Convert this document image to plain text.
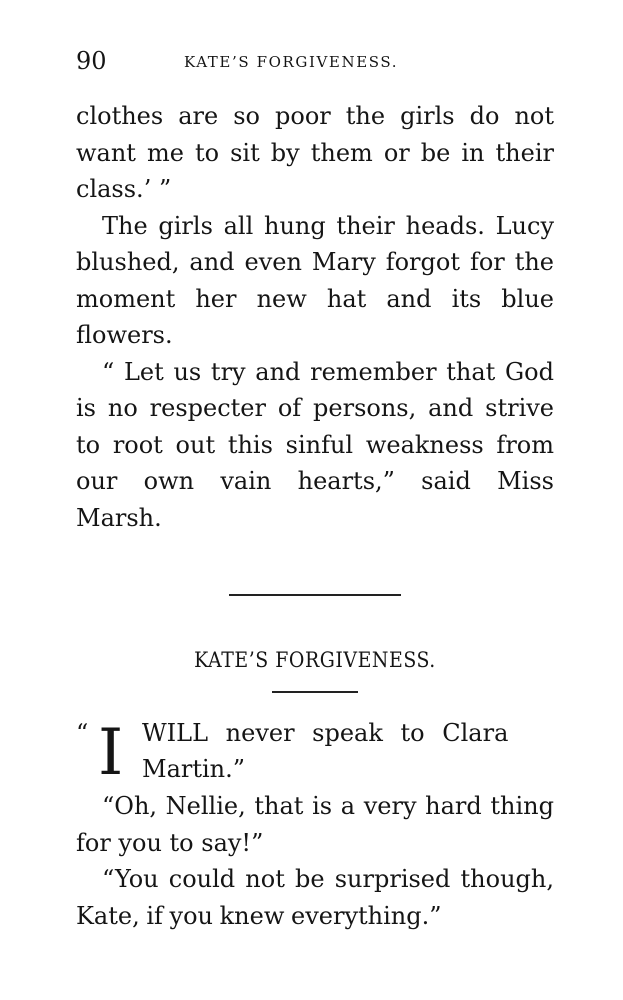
90	KATE’S FORGIVENESS.

clothes are so poor the girls do not want me to sit by them or be in their class.’ ”

The girls all hung their heads. Lucy blushed, and even Mary forgot for the moment her new hat and its blue flowers.

“ Let us try and remember that God is no respecter of persons, and strive to root out this sinful weakness from our own vain hearts,” said Miss Marsh.

KATE’S FORGIVENESS.
“ I WILL never speak to Clara
Martin.”

“Oh, Nellie, that is a very hard thing for you to say!”

“You could not be surprised though, Kate, if you knew everything.”
